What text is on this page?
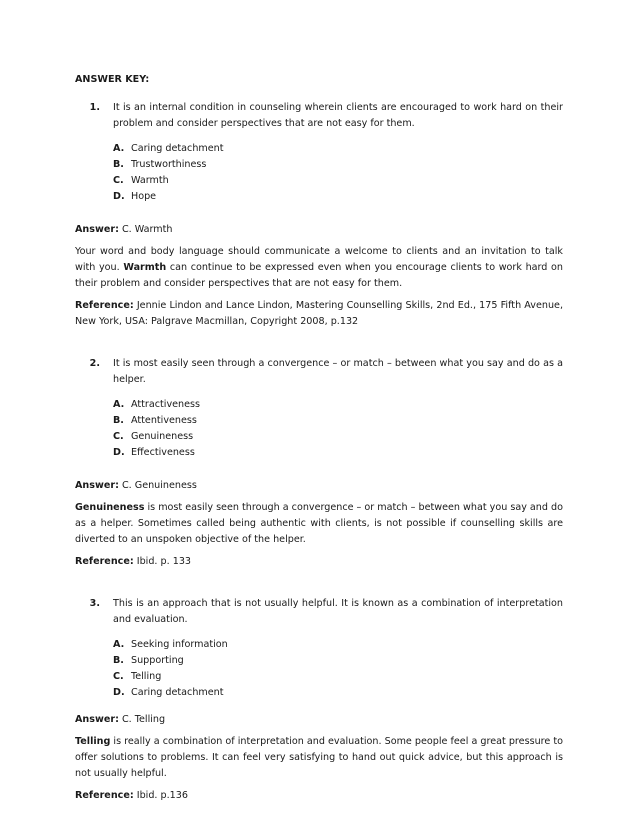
ANSWER KEY:

1.	It is an internal condition in counseling wherein clients are encouraged to work hard on their problem and consider perspectives that are not easy for them.
A. Caring detachment
B. Trustworthiness
C. Warmth
D. Hope
Answer: C. Warmth
Your word and body language should communicate a welcome to clients and an invitation to talk with you. Warmth can continue to be expressed even when you encourage clients to work hard on their problem and consider perspectives that are not easy for them.
Reference: Jennie Lindon and Lance Lindon, Mastering Counselling Skills, 2nd Ed., 175 Fifth Avenue, New York, USA: Palgrave Macmillan, Copyright 2008, p.132
2.	It is most easily seen through a convergence – or match – between what you say and do as a helper.
A. Attractiveness
B. Attentiveness
C. Genuineness
D. Effectiveness
Answer: C. Genuineness
Genuineness is most easily seen through a convergence – or match – between what you say and do as a helper. Sometimes called being authentic with clients, is not possible if counselling skills are diverted to an unspoken objective of the helper.
Reference: Ibid. p. 133
3.	This is an approach that is not usually helpful. It is known as a combination of interpretation and evaluation.
A. Seeking information
B. Supporting
C. Telling
D. Caring detachment
Answer: C. Telling
Telling is really a combination of interpretation and evaluation. Some people feel a great pressure to offer solutions to problems. It can feel very satisfying to hand out quick advice, but this approach is not usually helpful.
Reference: Ibid. p.136
